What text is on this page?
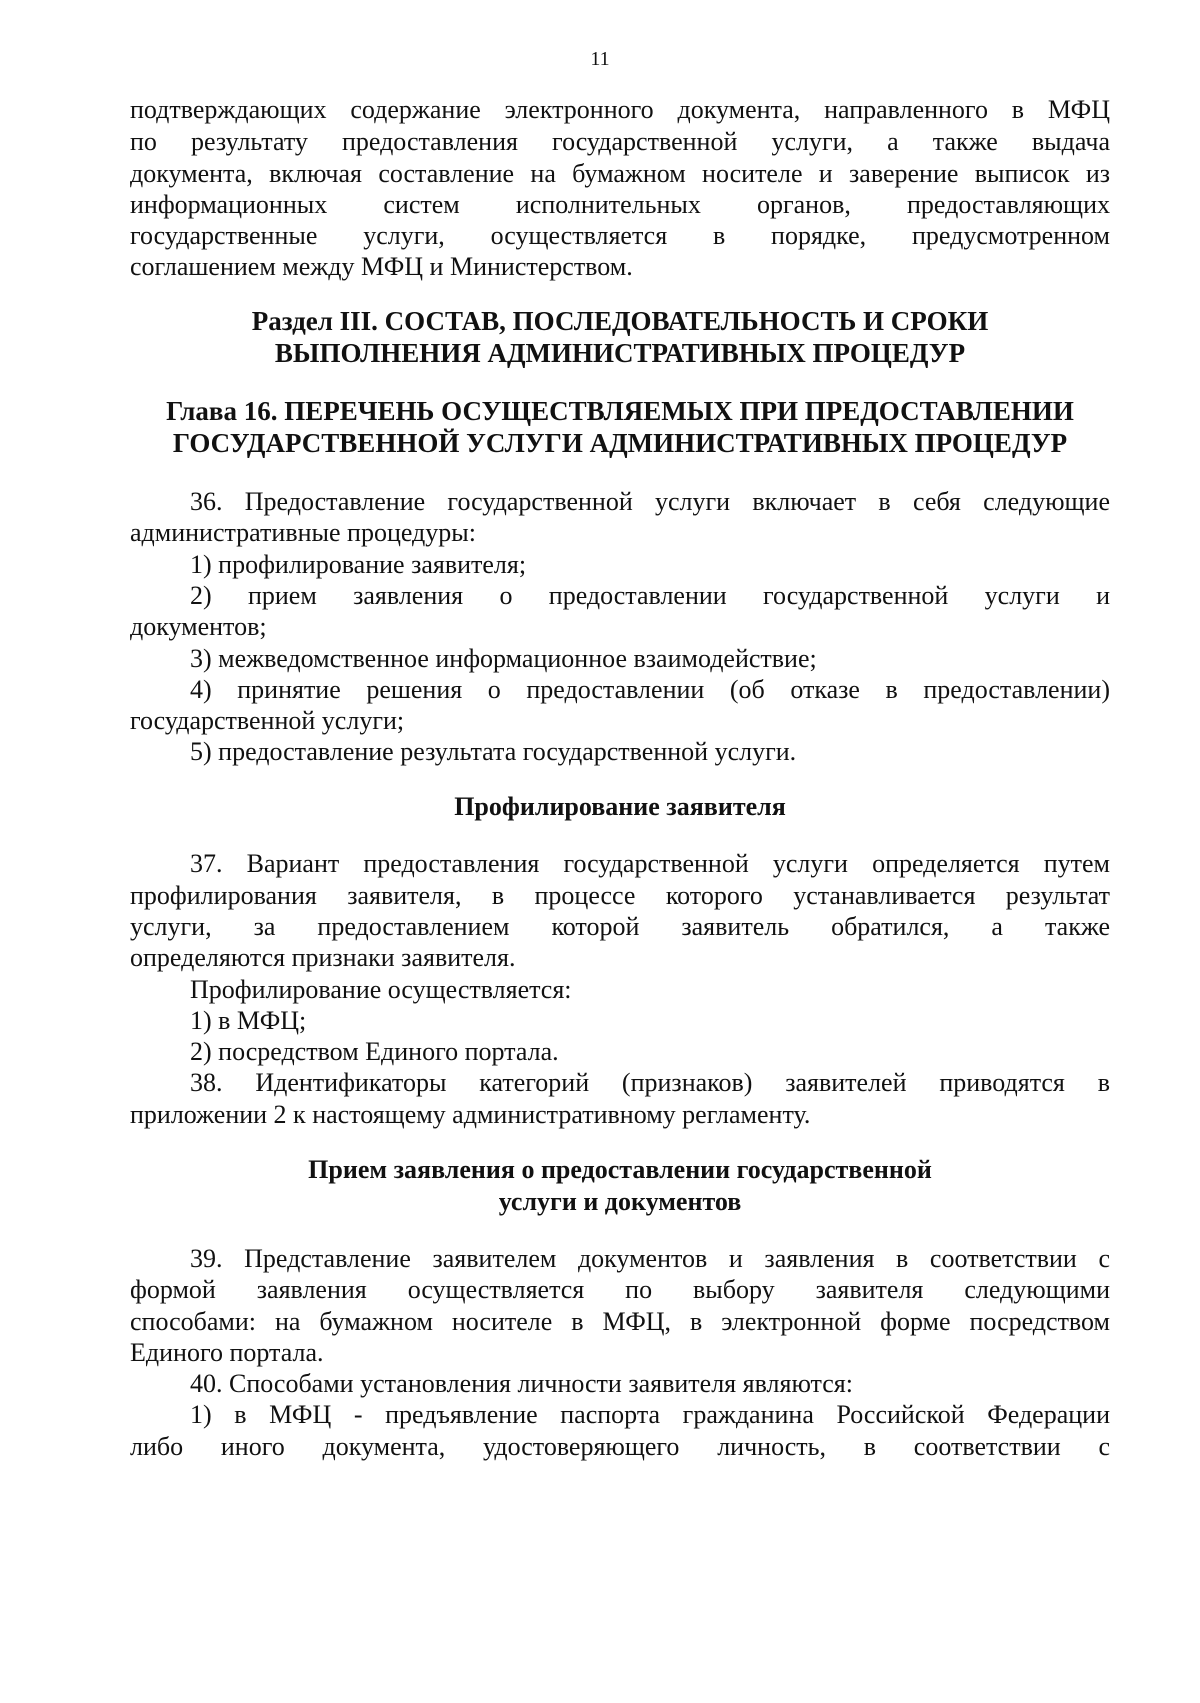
11

подтверждающих содержание электронного документа, направленного в МФЦ

по результату предоставления государственной услуги, а также выдача

документа, включая составление на бумажном носителе и заверение выписок из

информационных систем исполнительных органов, предоставляющих

государственные услуги, осуществляется в порядке, предусмотренном

соглашением между МФЦ и Министерством.

Раздел III. СОСТАВ, ПОСЛЕДОВАТЕЛЬНОСТЬ И СРОКИ
ВЫПОЛНЕНИЯ АДМИНИСТРАТИВНЫХ ПРОЦЕДУР
Глава 16. ПЕРЕЧЕНЬ ОСУЩЕСТВЛЯЕМЫХ ПРИ ПРЕДОСТАВЛЕНИИ
ГОСУДАРСТВЕННОЙ УСЛУГИ АДМИНИСТРАТИВНЫХ ПРОЦЕДУР

36. Предоставление государственной услуги включает в себя следующие

административные процедуры:

1) профилирование заявителя;

2) прием заявления о предоставлении государственной услуги и

документов;

3) межведомственное информационное взаимодействие;

4) принятие решения о предоставлении (об отказе в предоставлении)

государственной услуги;

5) предоставление результата государственной услуги.

Профилирование заявителя

37. Вариант предоставления государственной услуги определяется путем

профилирования заявителя, в процессе которого устанавливается результат

услуги, за предоставлением которой заявитель обратился, а также

определяются признаки заявителя.

Профилирование осуществляется:

1) в МФЦ;

2) посредством Единого портала.

38. Идентификаторы категорий (признаков) заявителей приводятся в

приложении 2 к настоящему административному регламенту.

Прием заявления о предоставлении государственной
услуги и документов

39. Представление заявителем документов и заявления в соответствии с

формой заявления осуществляется по выбору заявителя следующими

способами: на бумажном носителе в МФЦ, в электронной форме посредством

Единого портала.

40. Способами установления личности заявителя являются:

1) в МФЦ - предъявление паспорта гражданина Российской Федерации

либо иного документа, удостоверяющего личность, в соответствии с
